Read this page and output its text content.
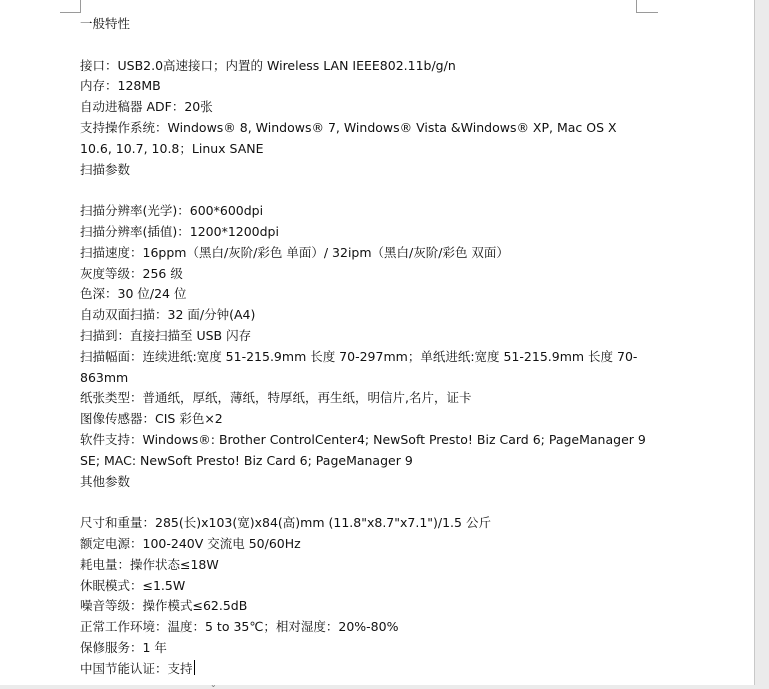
一般特性
接口：USB2.0高速接口；内置的 Wireless LAN IEEE802.11b/g/n
内存：128MB
自动进稿器 ADF：20张
支持操作系统：Windows® 8, Windows® 7, Windows® Vista &Windows® XP, Mac OS X 10.6, 10.7, 10.8；Linux SANE
扫描参数
扫描分辨率(光学)：600*600dpi
扫描分辨率(插值)：1200*1200dpi
扫描速度：16ppm（黑白/灰阶/彩色 单面）/ 32ipm（黑白/灰阶/彩色 双面）
灰度等级：256 级
色深：30 位/24 位
自动双面扫描：32 面/分钟(A4)
扫描到：直接扫描至 USB 闪存
扫描幅面：连续进纸:宽度 51-215.9mm 长度 70-297mm；单纸进纸:宽度 51-215.9mm 长度 70-863mm
纸张类型：普通纸，厚纸，薄纸，特厚纸，再生纸，明信片,名片，证卡
图像传感器：CIS 彩色×2
软件支持：Windows®: Brother ControlCenter4; NewSoft Presto! Biz Card 6; PageManager 9 SE; MAC: NewSoft Presto! Biz Card 6; PageManager 9
其他参数
尺寸和重量：285(长)x103(宽)x84(高)mm (11.8"x8.7"x7.1")/1.5 公斤
额定电源：100-240V 交流电 50/60Hz
耗电量：操作状态≤18W
休眠模式：≤1.5W
噪音等级：操作模式≤62.5dB
正常工作环境：温度：5 to 35℃；相对湿度：20%-80%
保修服务：1 年
中国节能认证：支持
⌄
